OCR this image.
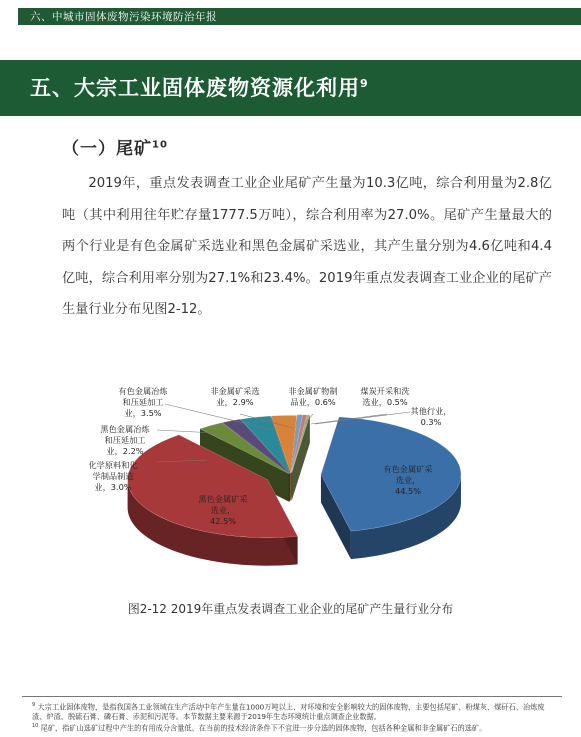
六、中城市固体废物污染环境防治年报
五、大宗工业固体废物资源化利用$^9$
（一）尾矿$^{10}$
2019年，重点发表调查工业企业尾矿产生量为10.3亿吨，综合利用量为2.8亿吨（其中利用往年贮存量1777.5万吨），综合利用率为27.0%。尾矿产生量最大的两个行业是有色金属矿采选业和黑色金属矿采选业，其产生量分别为4.6亿吨和4.4亿吨，综合利用率分别为27.1%和23.4%。2019年重点发表调查工业企业的尾矿产生量行业分布见图2-12。
有色金属矿采选业， 44.5%
黑色金属矿采选业， 42.5%
化学原料和化学制品制造业，3.0%
黑色金属冶炼和压延加工业，2.2%
有色金属冶炼和压延加工业，3.5%
非金属矿采选业，2.9%
非金属矿物制品业，0.6%
煤炭开采和洗选业，0.5%
其他行业， 0.3%
图2-12 2019年重点发表调查工业企业的尾矿产生量行业分布
$^9$ 大宗工业固体废物，是指我国各工业领域在生产活动中年产生量在1000万吨以上、对环境和安全影响较大的固体废物，主要包括尾矿、粉煤灰、煤矸石、冶炼废渣、炉渣、脱硫石膏、磷石膏、赤泥和污泥等。本节数据主要来源于2019年生态环境统计重点调查企业数据。
$^{10}$ 尾矿，指矿山选矿过程中产生的有用成分含量低、在当前的技术经济条件下不宜进一步分选的固体废物，包括各种金属和非金属矿石的选矿。
